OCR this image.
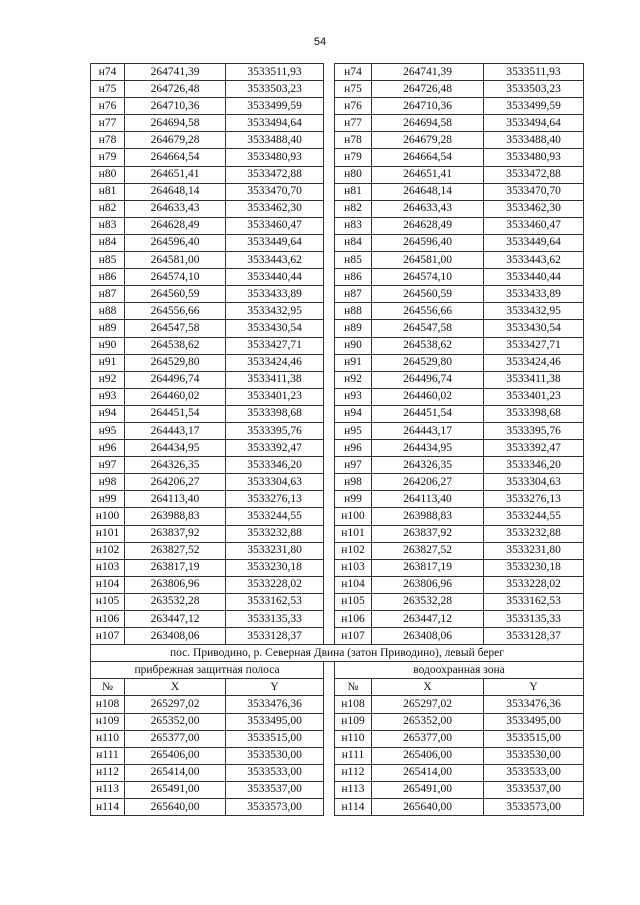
54
н74	264741,39	3533511,93		н74	264741,39	3533511,93
н75	264726,48	3533503,23		н75	264726,48	3533503,23
н76	264710,36	3533499,59		н76	264710,36	3533499,59
н77	264694,58	3533494,64		н77	264694,58	3533494,64
н78	264679,28	3533488,40		н78	264679,28	3533488,40
н79	264664,54	3533480,93		н79	264664,54	3533480,93
н80	264651,41	3533472,88		н80	264651,41	3533472,88
н81	264648,14	3533470,70		н81	264648,14	3533470,70
н82	264633,43	3533462,30		н82	264633,43	3533462,30
н83	264628,49	3533460,47		н83	264628,49	3533460,47
н84	264596,40	3533449,64		н84	264596,40	3533449,64
н85	264581,00	3533443,62		н85	264581,00	3533443,62
н86	264574,10	3533440,44		н86	264574,10	3533440,44
н87	264560,59	3533433,89		н87	264560,59	3533433,89
н88	264556,66	3533432,95		н88	264556,66	3533432,95
н89	264547,58	3533430,54		н89	264547,58	3533430,54
н90	264538,62	3533427,71		н90	264538,62	3533427,71
н91	264529,80	3533424,46		н91	264529,80	3533424,46
н92	264496,74	3533411,38		н92	264496,74	3533411,38
н93	264460,02	3533401,23		н93	264460,02	3533401,23
н94	264451,54	3533398,68		н94	264451,54	3533398,68
н95	264443,17	3533395,76		н95	264443,17	3533395,76
н96	264434,95	3533392,47		н96	264434,95	3533392,47
н97	264326,35	3533346,20		н97	264326,35	3533346,20
н98	264206,27	3533304,63		н98	264206,27	3533304,63
н99	264113,40	3533276,13		н99	264113,40	3533276,13
н100	263988,83	3533244,55		н100	263988,83	3533244,55
н101	263837,92	3533232,88		н101	263837,92	3533232,88
н102	263827,52	3533231,80		н102	263827,52	3533231,80
н103	263817,19	3533230,18		н103	263817,19	3533230,18
н104	263806,96	3533228,02		н104	263806,96	3533228,02
н105	263532,28	3533162,53		н105	263532,28	3533162,53
н106	263447,12	3533135,33		н106	263447,12	3533135,33
н107	263408,06	3533128,37		н107	263408,06	3533128,37
пос. Приводино, р. Северная Двина (затон Приводино), левый берег						
прибрежная защитная полоса				водоохранная зона		
№	X	Y		№	X	Y
н108	265297,02	3533476,36		н108	265297,02	3533476,36
н109	265352,00	3533495,00		н109	265352,00	3533495,00
н110	265377,00	3533515,00		н110	265377,00	3533515,00
н111	265406,00	3533530,00		н111	265406,00	3533530,00
н112	265414,00	3533533,00		н112	265414,00	3533533,00
н113	265491,00	3533537,00		н113	265491,00	3533537,00
н114	265640,00	3533573,00		н114	265640,00	3533573,00
